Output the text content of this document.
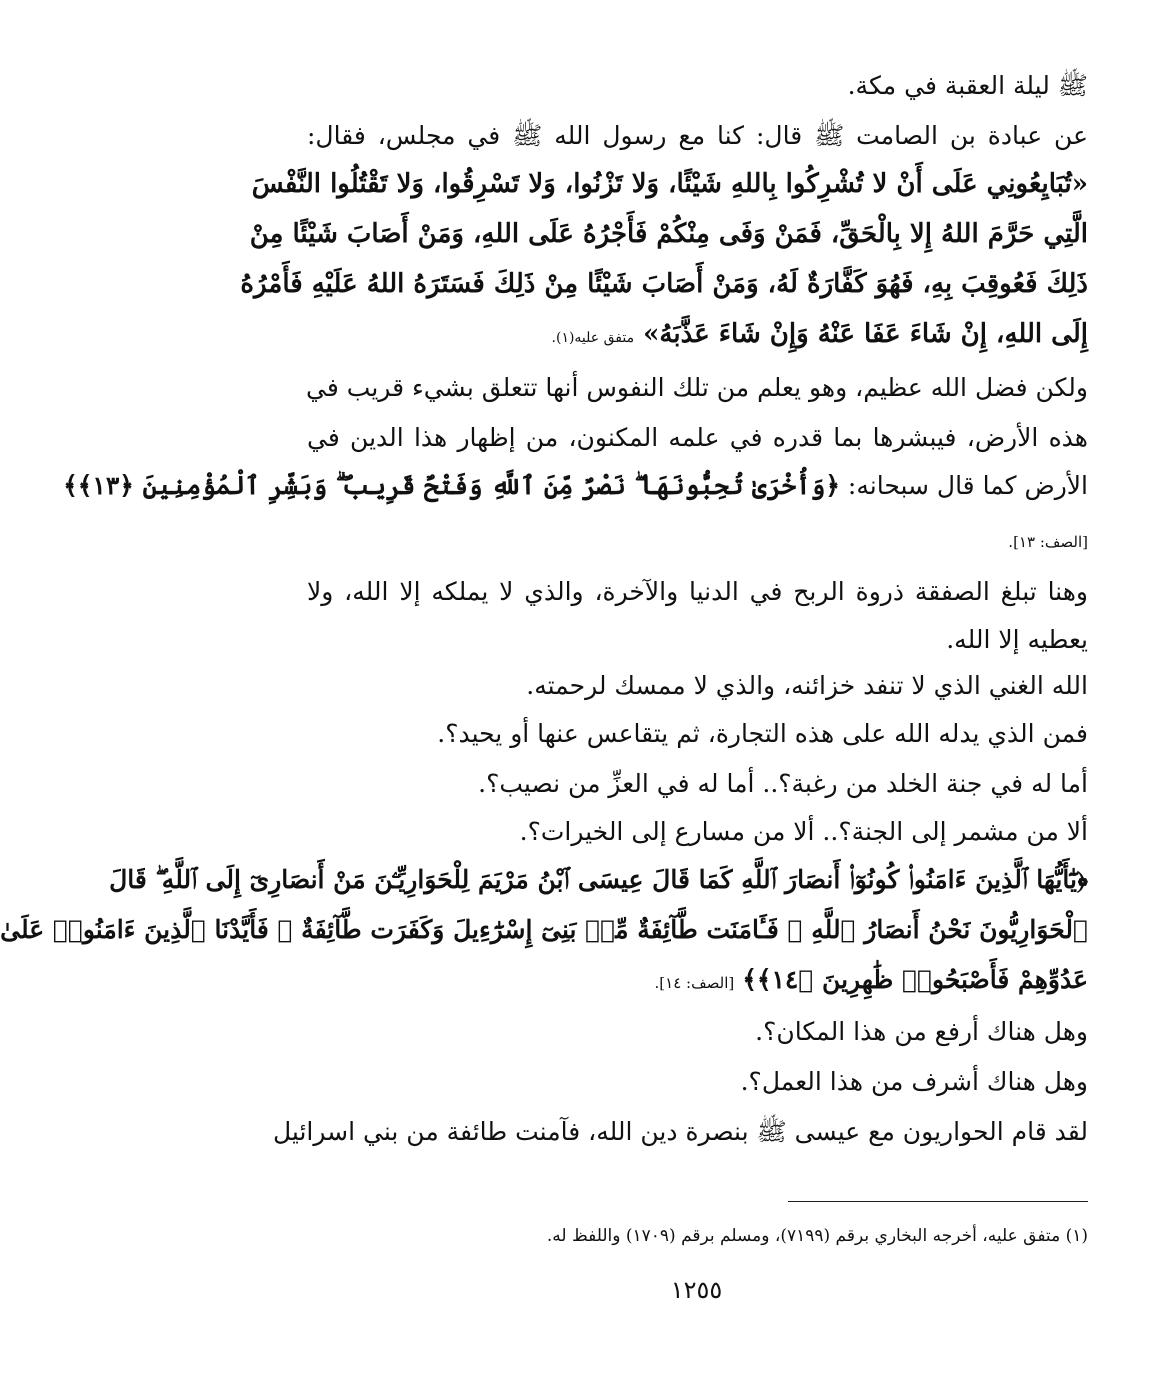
ﷺ ليلة العقبة في مكة.
عن عبادة بن الصامت ﷺ قال: كنا مع رسول الله ﷺ في مجلس، فقال:
«تُبَايِعُونِي عَلَى أَنْ لا تُشْرِكُوا بِاللهِ شَيْئًا، وَلا تَزْنُوا، وَلا تَسْرِقُوا، وَلا تَقْتُلُوا النَّفْسَ
الَّتِي حَرَّمَ اللهُ إِلا بِالْحَقِّ، فَمَنْ وَفَى مِنْكُمْ فَأَجْرُهُ عَلَى اللهِ، وَمَنْ أَصَابَ شَيْئًا مِنْ
ذَلِكَ فَعُوقِبَ بِهِ، فَهُوَ كَفَّارَةٌ لَهُ، وَمَنْ أَصَابَ شَيْئًا مِنْ ذَلِكَ فَسَتَرَهُ اللهُ عَلَيْهِ فَأَمْرُهُ
إِلَى اللهِ، إِنْ شَاءَ عَفَا عَنْهُ وَإِنْ شَاءَ عَذَّبَهُ» متفق عليه(١).
ولكن فضل الله عظيم، وهو يعلم من تلك النفوس أنها تتعلق بشيء قريب في
هذه الأرض، فيبشرها بما قدره في علمه المكنون، من إظهار هذا الدين في
الأرض كما قال سبحانه: ﴿وَأُخْرَىٰ تُحِبُّونَهَا ۖ نَصْرٌ مِّنَ ٱللَّهِ وَفَتْحٌ قَرِيبٌ ۗ وَبَشِّرِ ٱلْمُؤْمِنِينَ ﴿١٣﴾﴾
[الصف: ١٣].
وهنا تبلغ الصفقة ذروة الربح في الدنيا والآخرة، والذي لا يملكه إلا الله، ولا
يعطيه إلا الله.
الله الغني الذي لا تنفد خزائنه، والذي لا ممسك لرحمته.
فمن الذي يدله الله على هذه التجارة، ثم يتقاعس عنها أو يحيد؟.
أما له في جنة الخلد من رغبة؟.. أما له في العزِّ من نصيب؟.
ألا من مشمر إلى الجنة؟.. ألا من مسارع إلى الخيرات؟.
﴿يَٰٓأَيُّهَا ٱلَّذِينَ ءَامَنُوا۟ كُونُوٓا۟ أَنصَارَ ٱللَّهِ كَمَا قَالَ عِيسَى ٱبْنُ مَرْيَمَ لِلْحَوَارِيِّـۧنَ مَنْ أَنصَارِىٓ إِلَى ٱللَّهِ ۖ قَالَ
ٱلْحَوَارِيُّونَ نَحْنُ أَنصَارُ ٱللَّهِ ۖ فَـَٔامَنَت طَّآئِفَةٌ مِّنۢ بَنِىٓ إِسْرَٰٓءِيلَ وَكَفَرَت طَّآئِفَةٌ ۖ فَأَيَّدْنَا ٱلَّذِينَ ءَامَنُوا۟ عَلَىٰ
عَدُوِّهِمْ فَأَصْبَحُوا۟ ظَٰهِرِينَ ﴿١٤﴾﴾ [الصف: ١٤].
وهل هناك أرفع من هذا المكان؟.
وهل هناك أشرف من هذا العمل؟.
لقد قام الحواريون مع عيسى ﷺ بنصرة دين الله، فآمنت طائفة من بني اسرائيل
(١) متفق عليه، أخرجه البخاري برقم (٧١٩٩)، ومسلم برقم (١٧٠٩) واللفظ له.
١٢٥٥
